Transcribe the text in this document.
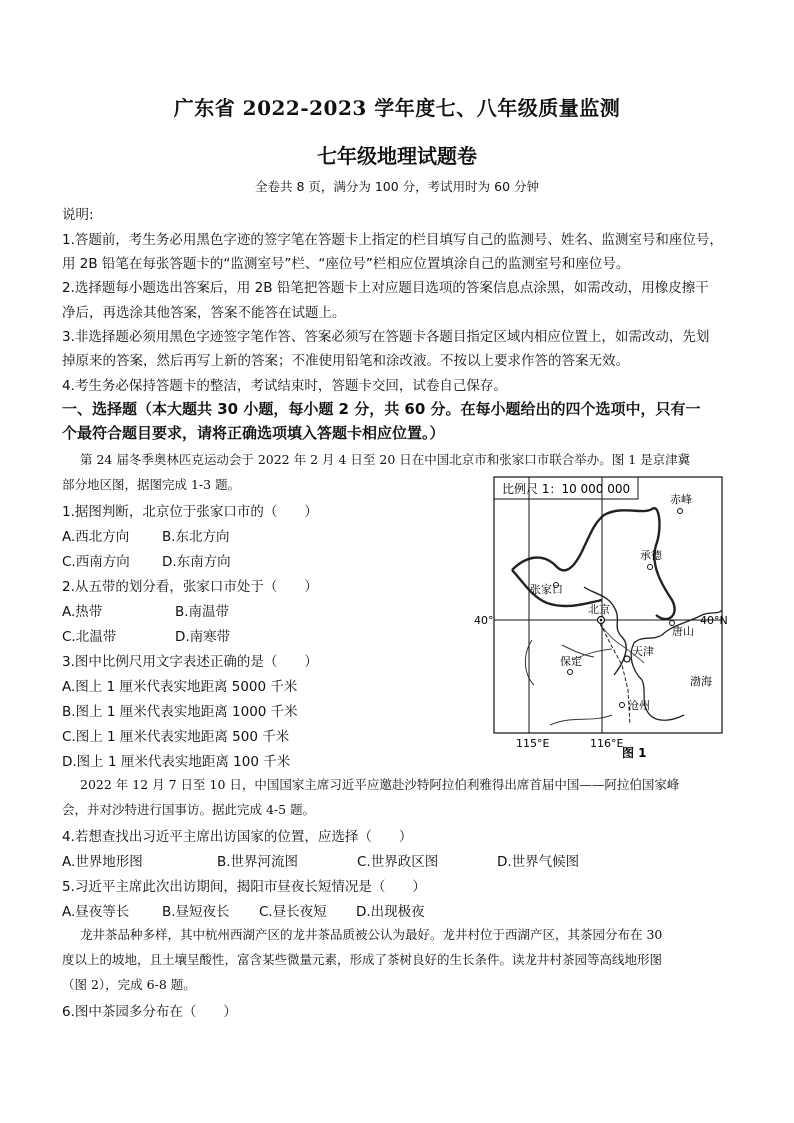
广东省 2022-2023 学年度七、八年级质量监测
七年级地理试题卷
全卷共 8 页，满分为 100 分，考试用时为 60 分钟
说明:
1.答题前，考生务必用黑色字迹的签字笔在答题卡上指定的栏目填写自己的监测号、姓名、监测室号和座位号，
用 2B 铅笔在每张答题卡的“监测室号”栏、“座位号”栏相应位置填涂自己的监测室号和座位号。
2.选择题每小题选出答案后，用 2B 铅笔把答题卡上对应题目选项的答案信息点涂黑，如需改动，用橡皮擦干
净后，再选涂其他答案，答案不能答在试题上。
3.非选择题必须用黑色字迹签字笔作答、答案必须写在答题卡各题目指定区域内相应位置上，如需改动，先划
掉原来的答案，然后再写上新的答案；不准使用铅笔和涂改液。不按以上要求作答的答案无效。
4.考生务必保持答题卡的整洁，考试结束时，答题卡交回，试卷自己保存。
一、选择题（本大题共 30 小题，每小题 2 分，共 60 分。在每小题给出的四个选项中，只有一
个最符合题目要求，请将正确选项填入答题卡相应位置。）
第 24 届冬季奥林匹克运动会于 2022 年 2 月 4 日至 20 日在中国北京市和张家口市联合举办。图 1 是京津冀
部分地区图，据图完成 1-3 题。
1.据图判断，北京位于张家口市的（　　）
A.西北方向 B.东北方向
C.西南方向 D.东南方向
2.从五带的划分看，张家口市处于（　　）
A.热带	B.南温带
C.北温带	D.南寒带
3.图中比例尺用文字表述正确的是（　　）
A.图上 1 厘米代表实地距离 5000 千米
B.图上 1 厘米代表实地距离 1000 千米
C.图上 1 厘米代表实地距离 500 千米
D.图上 1 厘米代表实地距离 100 千米
比例尺 1：10 000 000
40°	40°N
115°E	116°E
赤峰
承德
张家口
北京
唐山
天津
保定
沧州
渤海
图 1
2022 年 12 月 7 日至 10 日，中国国家主席习近平应邀赴沙特阿拉伯利雅得出席首届中国——阿拉伯国家峰
会，并对沙特进行国事访。据此完成 4-5 题。
4.若想查找出习近平主席出访国家的位置，应选择（　　）
A.世界地形图	B.世界河流图	C.世界政区图	D.世界气候图
5.习近平主席此次出访期间，揭阳市昼夜长短情况是（　　）
A.昼夜等长 B.昼短夜长 C.昼长夜短 D.出现极夜
龙井茶品种多样，其中杭州西湖产区的龙井茶品质被公认为最好。龙井村位于西湖产区，其茶园分布在 30
度以上的坡地，且土壤呈酸性，富含某些微量元素，形成了茶树良好的生长条件。读龙井村茶园等高线地形图
（图 2），完成 6-8 题。
6.图中茶园多分布在（　　）
